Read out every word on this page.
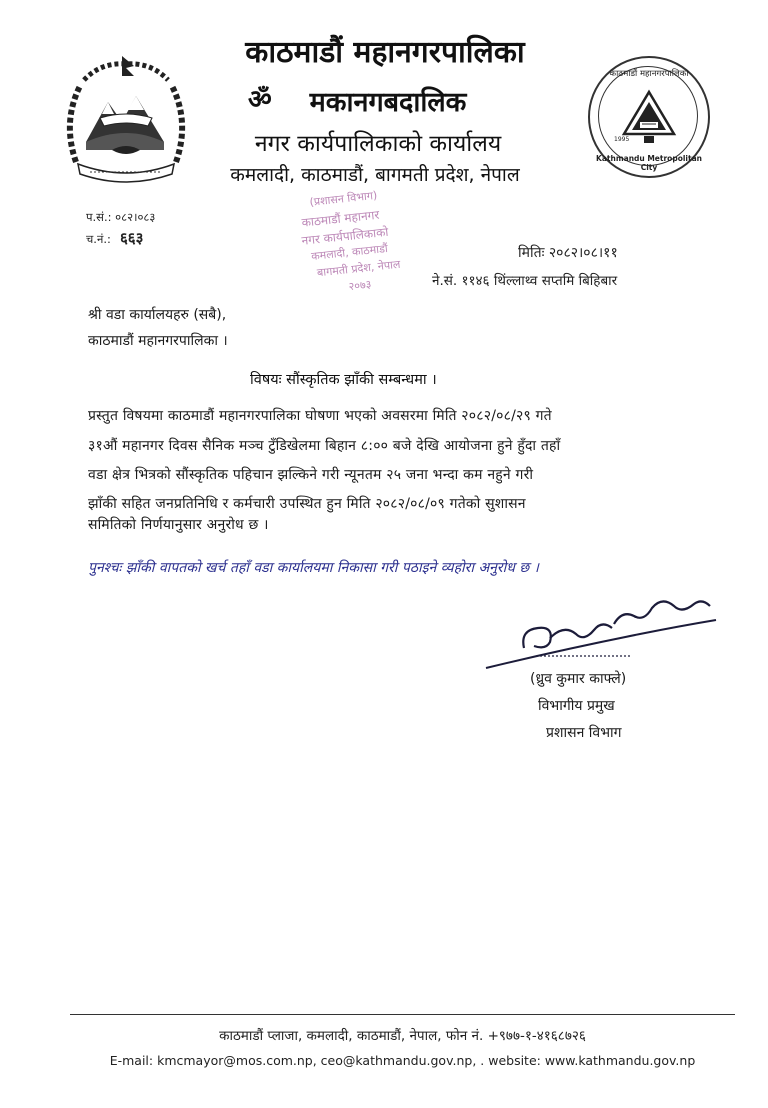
काठमाडौं महानगरपालिका
ॐ	मकानगबदालिक
नगर कार्यपालिकाको कार्यालय
कमलादी, काठमाडौं, बागमती प्रदेश, नेपाल
काठमाडौं महानगरपालिका
Kathmandu Metropolitan City
1995
(प्रशासन विभाग)
काठमाडौं महानगर
नगर कार्यपालिकाको
कमलादी, काठमाडौं
बागमती प्रदेश, नेपाल
२०७३
प.सं.: ०८२।०८३
च.नं.: ६६३
मितिः २०८२।०८।११
ने.सं. ११४६ थिंल्लाथ्व सप्तमि बिहिबार
श्री वडा कार्यालयहरु (सबै),
काठमाडौं महानगरपालिका ।
विषयः सौंस्कृतिक झाँकी सम्बन्धमा ।
प्रस्तुत विषयमा काठमाडौं महानगरपालिका घोषणा भएको अवसरमा मिति २०८२/०८/२९ गते
३१औं महानगर दिवस सैनिक मञ्च टुँडिखेलमा बिहान ८:०० बजे देखि आयोजना हुने हुँदा तहाँ
वडा क्षेत्र भित्रको सौंस्कृतिक पहिचान झल्किने गरी न्यूनतम २५ जना भन्दा कम नहुने गरी
झाँकी सहित जनप्रतिनिधि र कर्मचारी उपस्थित हुन मिति २०८२/०८/०९ गतेको सुशासन
समितिको निर्णयानुसार अनुरोध छ ।
पुनश्चः झाँकी वापतको खर्च तहाँ वडा कार्यालयमा निकासा गरी पठाइने व्यहोरा अनुरोध छ ।
(ध्रुव कुमार काफ्ले)
विभागीय प्रमुख
प्रशासन विभाग
काठमाडौं प्लाजा, कमलादी, काठमाडौं, नेपाल, फोन नं. +९७७-१-४१६८७२६
E-mail: kmcmayor@mos.com.np, ceo@kathmandu.gov.np, . website: www.kathmandu.gov.np
